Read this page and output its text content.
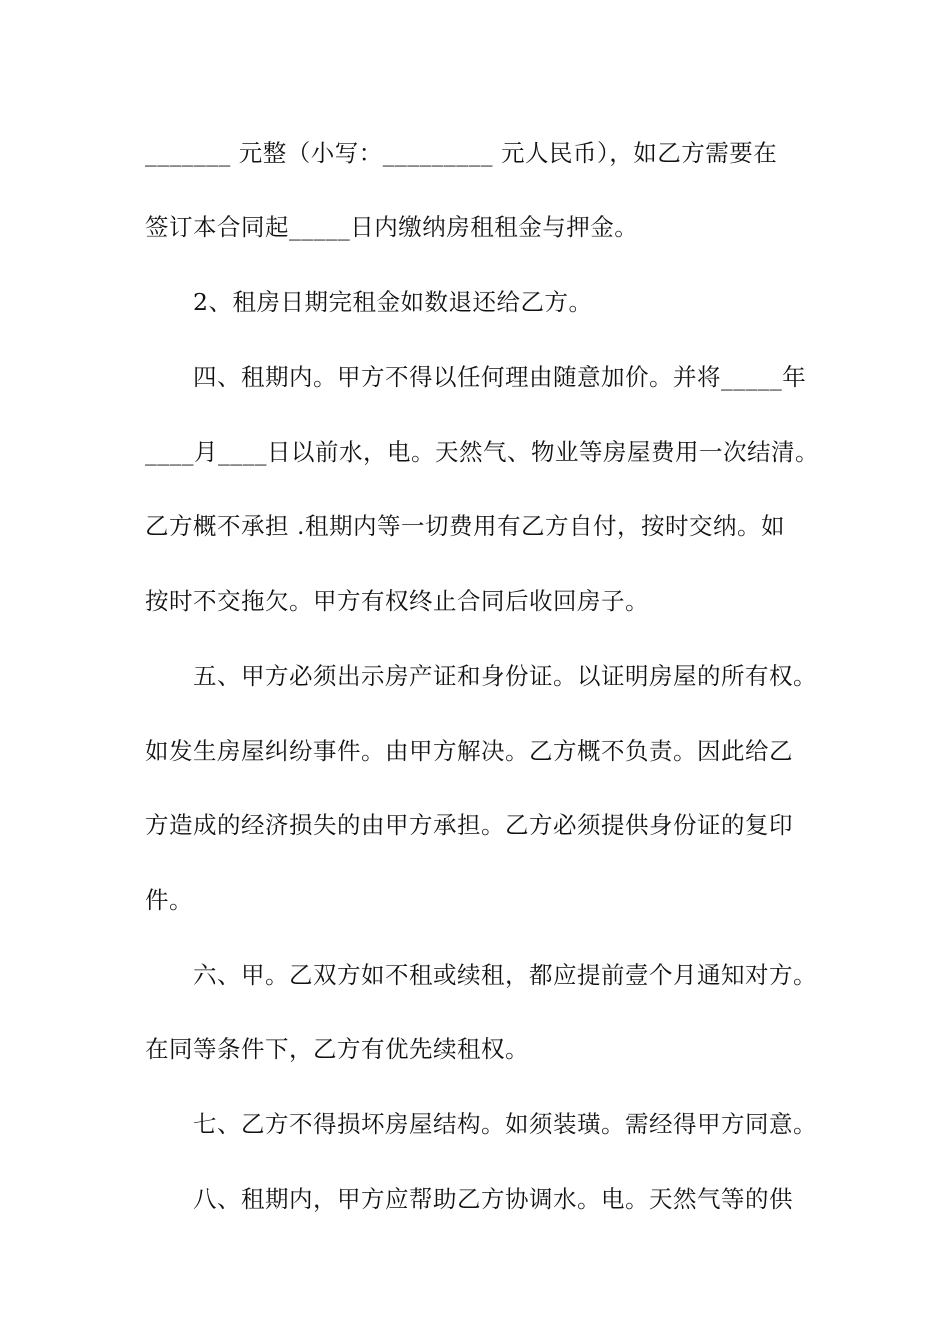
_______ 元整（小写：_________ 元人民币），如乙方需要在
签订本合同起_____日内缴纳房租租金与押金。
2、租房日期完租金如数退还给乙方。
四、租期内。甲方不得以任何理由随意加价。并将_____年
____月____日以前水，电。天然气、物业等房屋费用一次结清。
乙方概不承担 .租期内等一切费用有乙方自付，按时交纳。如
按时不交拖欠。甲方有权终止合同后收回房子。
五、甲方必须出示房产证和身份证。以证明房屋的所有权。
如发生房屋纠纷事件。由甲方解决。乙方概不负责。因此给乙
方造成的经济损失的由甲方承担。乙方必须提供身份证的复印
件。
六、甲。乙双方如不租或续租，都应提前壹个月通知对方。
在同等条件下，乙方有优先续租权。
七、乙方不得损坏房屋结构。如须装璜。需经得甲方同意。
八、租期内，甲方应帮助乙方协调水。电。天然气等的供
